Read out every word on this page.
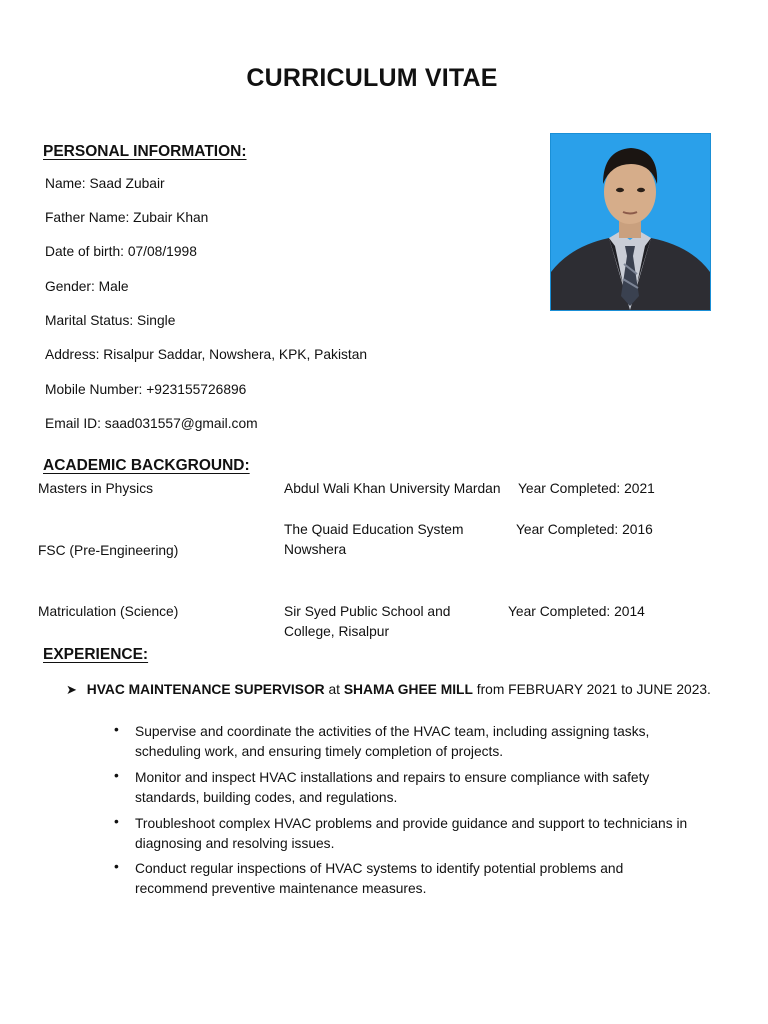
CURRICULUM VITAE
PERSONAL INFORMATION:
Name: Saad Zubair
Father Name: Zubair Khan
Date of birth: 07/08/1998
Gender: Male
Marital Status: Single
Address: Risalpur Saddar, Nowshera, KPK, Pakistan
Mobile Number: +923155726896
Email ID: saad031557@gmail.com
ACADEMIC BACKGROUND:
Masters in Physics	Abdul Wali Khan University Mardan Year Completed: 2021
FSC (Pre-Engineering)
The Quaid Education System Nowshera
Year Completed: 2016
Matriculation (Science)	Sir Syed Public School and College, Risalpur
Year Completed: 2014
EXPERIENCE:
➤ HVAC MAINTENANCE SUPERVISOR at SHAMA GHEE MILL from FEBRUARY 2021 to JUNE 2023.
• Supervise and coordinate the activities of the HVAC team, including assigning tasks, scheduling work, and ensuring timely completion of projects.
• Monitor and inspect HVAC installations and repairs to ensure compliance with safety standards, building codes, and regulations.
• Troubleshoot complex HVAC problems and provide guidance and support to technicians in diagnosing and resolving issues.
• Conduct regular inspections of HVAC systems to identify potential problems and recommend preventive maintenance measures.
